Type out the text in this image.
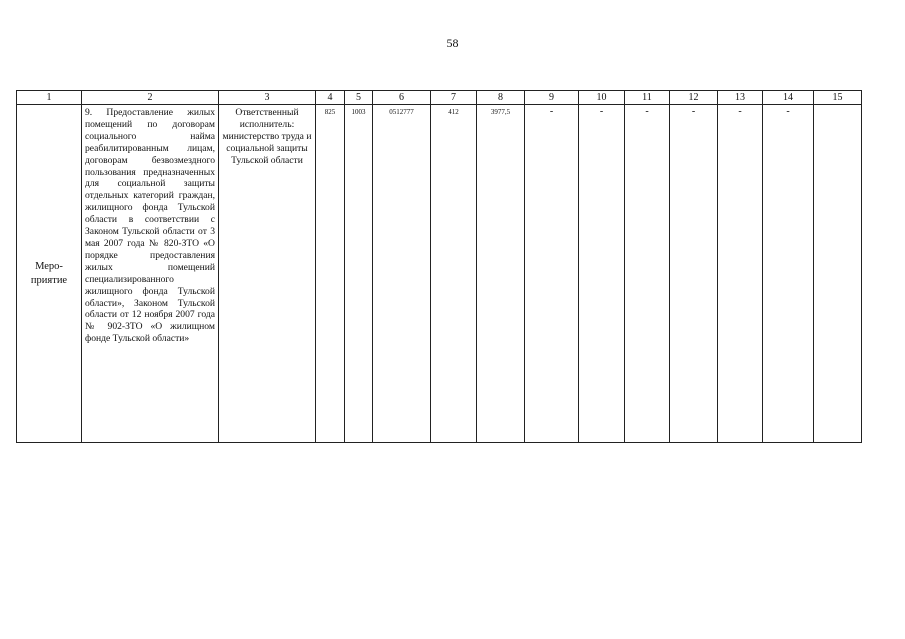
58
1	2	3	4	5	6	7	8	9	10	11	12	13	14	15
Меро-приятие	9. Предоставление жилых помещений по договорам социального найма реабилитированным лицам, договорам безвозмездного пользования предназначенных для социальной защиты отдельных категорий граждан, жилищного фонда Тульской области в соответствии с Законом Тульской области от 3 мая 2007 года № 820-ЗТО «О порядке предоставления жилых помещений специализированного жилищного фонда Тульской области», Законом Тульской области от 12 ноября 2007 года № 902-ЗТО «О жилищном фонде Тульской области»	Ответственный исполнитель: министерство труда и социальной защиты Тульской области	825	1003	0512777	412	3977,5	-	-	-	-	-	-	
